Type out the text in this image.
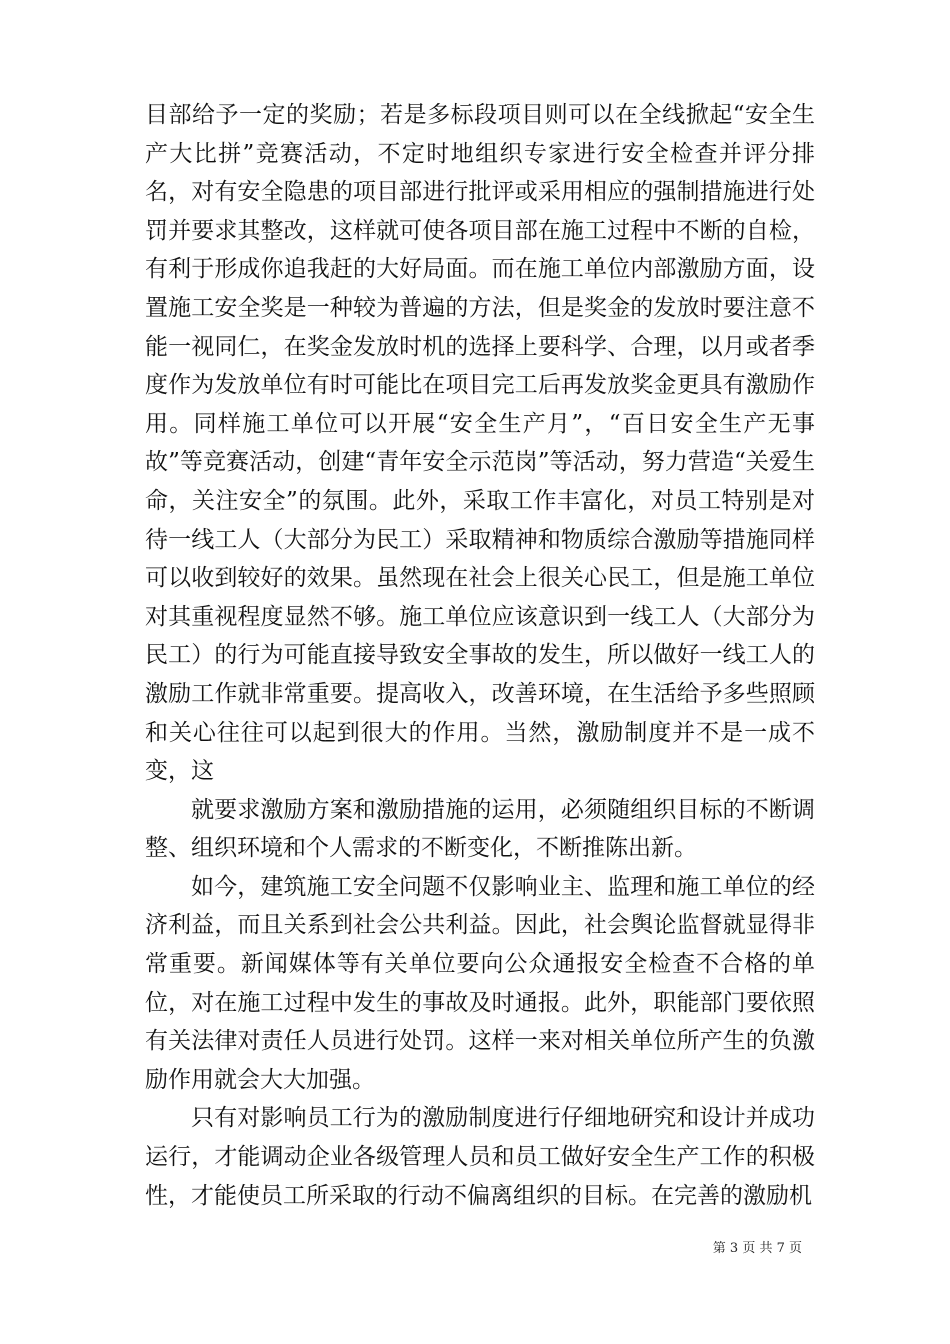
目部给予一定的奖励；若是多标段项目则可以在全线掀起“安全生产大比拼”竞赛活动，不定时地组织专家进行安全检查并评分排名，对有安全隐患的项目部进行批评或采用相应的强制措施进行处罚并要求其整改，这样就可使各项目部在施工过程中不断的自检，有利于形成你追我赶的大好局面。而在施工单位内部激励方面，设置施工安全奖是一种较为普遍的方法，但是奖金的发放时要注意不能一视同仁，在奖金发放时机的选择上要科学、合理，以月或者季度作为发放单位有时可能比在项目完工后再发放奖金更具有激励作用。同样施工单位可以开展“安全生产月”，“百日安全生产无事故”等竞赛活动，创建“青年安全示范岗”等活动，努力营造“关爱生命，关注安全”的氛围。此外，采取工作丰富化，对员工特别是对待一线工人（大部分为民工）采取精神和物质综合激励等措施同样可以收到较好的效果。虽然现在社会上很关心民工，但是施工单位对其重视程度显然不够。施工单位应该意识到一线工人（大部分为民工）的行为可能直接导致安全事故的发生，所以做好一线工人的激励工作就非常重要。提高收入，改善环境，在生活给予多些照顾和关心往往可以起到很大的作用。当然，激励制度并不是一成不变，这

就要求激励方案和激励措施的运用，必须随组织目标的不断调整、组织环境和个人需求的不断变化，不断推陈出新。

如今，建筑施工安全问题不仅影响业主、监理和施工单位的经济利益，而且关系到社会公共利益。因此，社会舆论监督就显得非常重要。新闻媒体等有关单位要向公众通报安全检查不合格的单位，对在施工过程中发生的事故及时通报。此外，职能部门要依照有关法律对责任人员进行处罚。这样一来对相关单位所产生的负激励作用就会大大加强。

只有对影响员工行为的激励制度进行仔细地研究和设计并成功运行，才能调动企业各级管理人员和员工做好安全生产工作的积极性，才能使员工所采取的行动不偏离组织的目标。在完善的激励机

第 3 页 共 7 页
